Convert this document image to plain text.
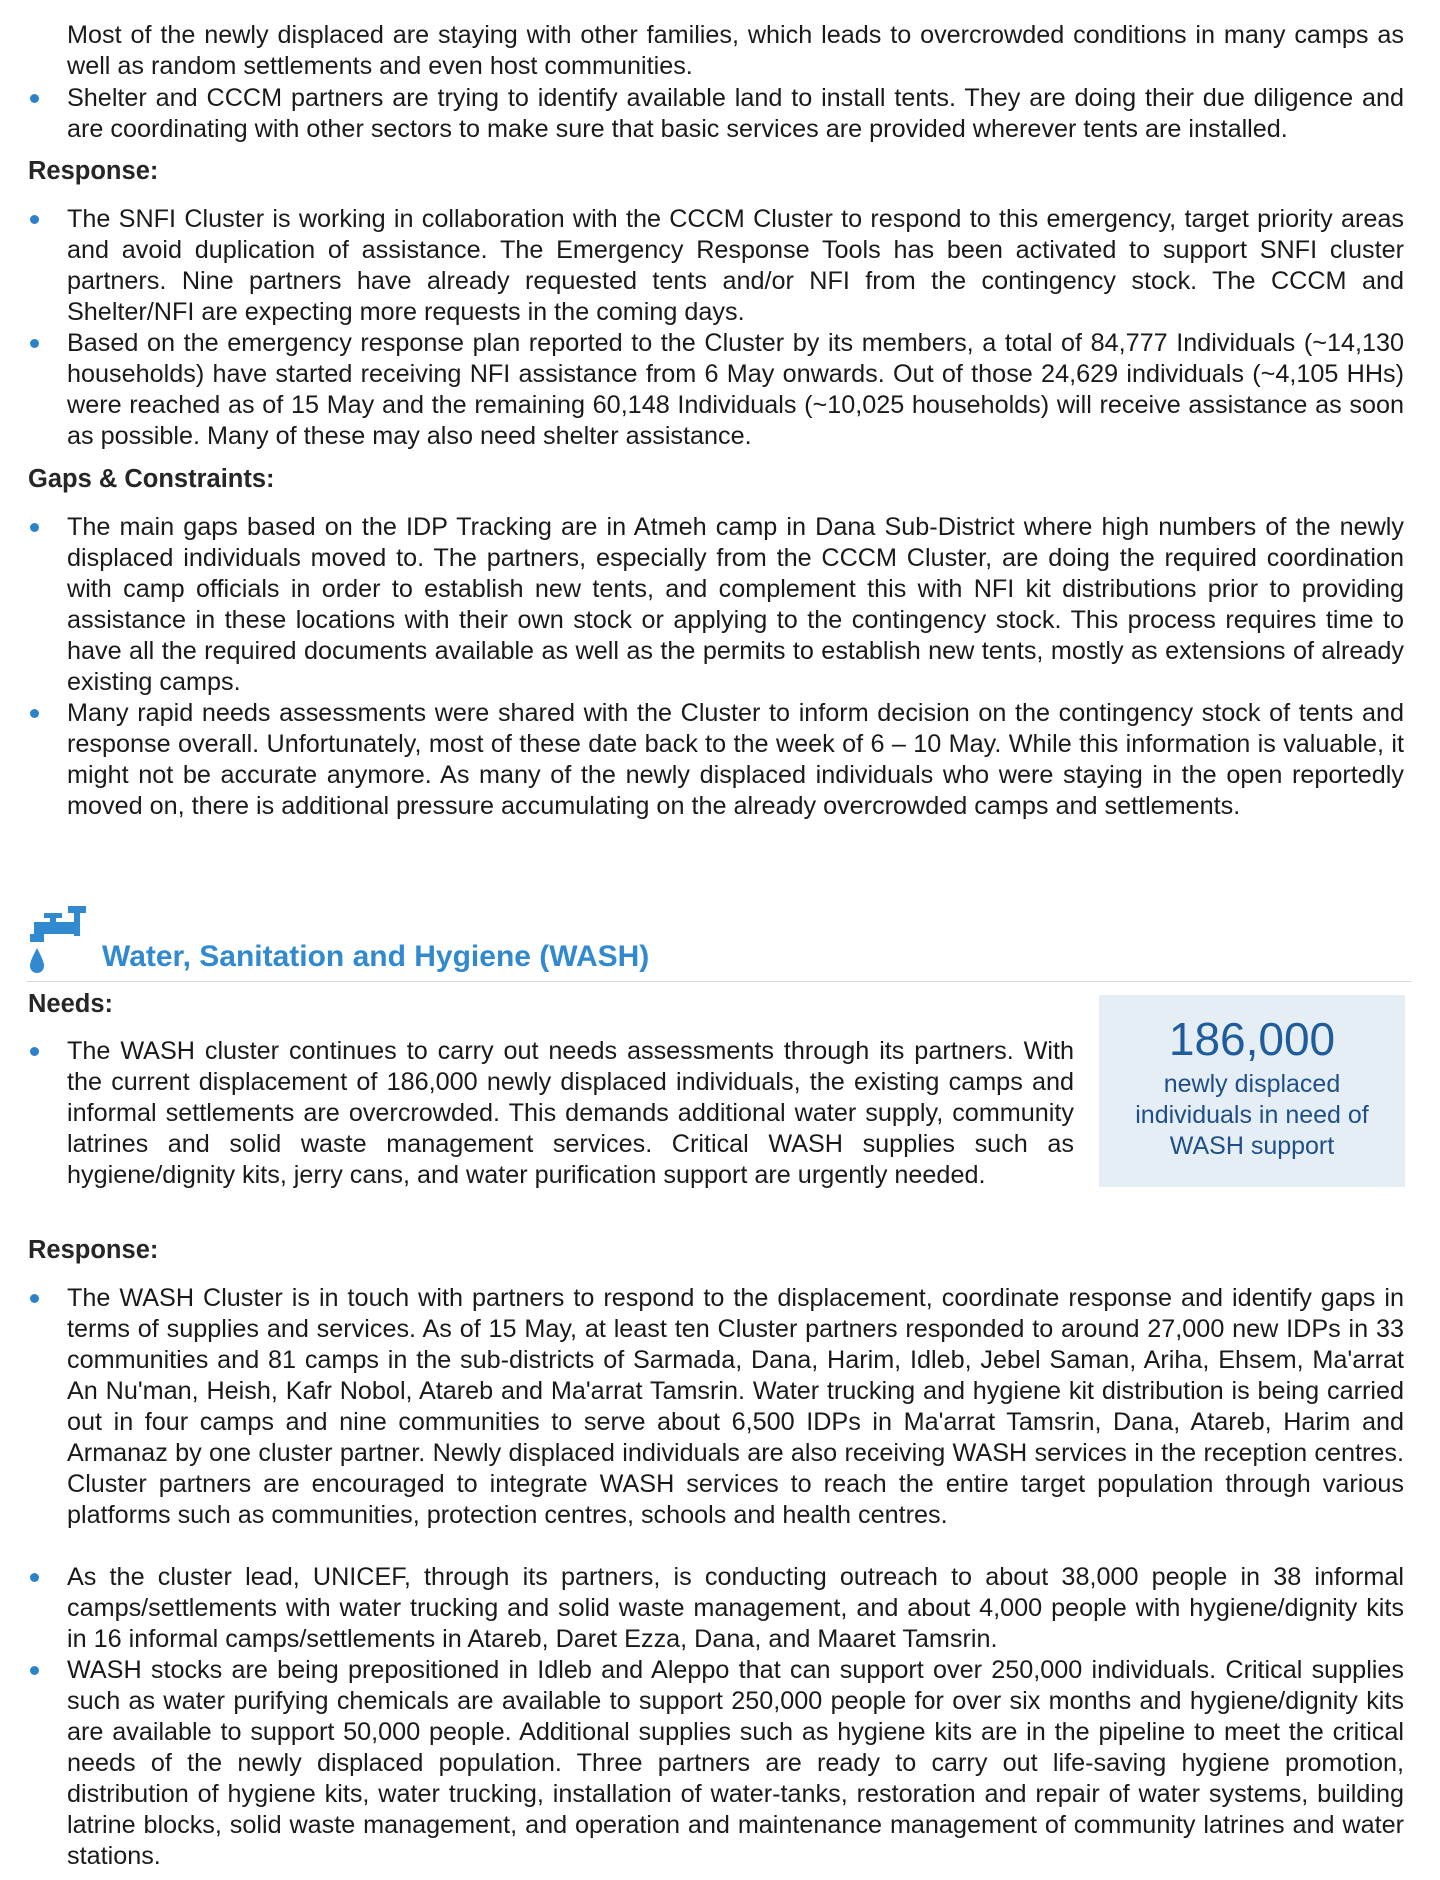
Most of the newly displaced are staying with other families, which leads to overcrowded conditions in many camps as well as random settlements and even host communities.

Shelter and CCCM partners are trying to identify available land to install tents. They are doing their due diligence and are coordinating with other sectors to make sure that basic services are provided wherever tents are installed.

Response:

The SNFI Cluster is working in collaboration with the CCCM Cluster to respond to this emergency, target priority areas and avoid duplication of assistance. The Emergency Response Tools has been activated to support SNFI cluster partners. Nine partners have already requested tents and/or NFI from the contingency stock. The CCCM and Shelter/NFI are expecting more requests in the coming days.

Based on the emergency response plan reported to the Cluster by its members, a total of 84,777 Individuals (~14,130 households) have started receiving NFI assistance from 6 May onwards. Out of those 24,629 individuals (~4,105 HHs) were reached as of 15 May and the remaining 60,148 Individuals (~10,025 households) will receive assistance as soon as possible. Many of these may also need shelter assistance.

Gaps & Constraints:

The main gaps based on the IDP Tracking are in Atmeh camp in Dana Sub-District where high numbers of the newly displaced individuals moved to. The partners, especially from the CCCM Cluster, are doing the required coordination with camp officials in order to establish new tents, and complement this with NFI kit distributions prior to providing assistance in these locations with their own stock or applying to the contingency stock. This process requires time to have all the required documents available as well as the permits to establish new tents, mostly as extensions of already existing camps.

Many rapid needs assessments were shared with the Cluster to inform decision on the contingency stock of tents and response overall. Unfortunately, most of these date back to the week of 6 – 10 May. While this information is valuable, it might not be accurate anymore. As many of the newly displaced individuals who were staying in the open reportedly moved on, there is additional pressure accumulating on the already overcrowded camps and settlements.

Water, Sanitation and Hygiene (WASH)
Needs:

The WASH cluster continues to carry out needs assessments through its partners. With the current displacement of 186,000 newly displaced individuals, the existing camps and informal settlements are overcrowded. This demands additional water supply, community latrines and solid waste management services. Critical WASH supplies such as hygiene/dignity kits, jerry cans, and water purification support are urgently needed.

186,000
newly displaced individuals in need of WASH support
Response:

The WASH Cluster is in touch with partners to respond to the displacement, coordinate response and identify gaps in terms of supplies and services. As of 15 May, at least ten Cluster partners responded to around 27,000 new IDPs in 33 communities and 81 camps in the sub-districts of Sarmada, Dana, Harim, Idleb, Jebel Saman, Ariha, Ehsem, Ma'arrat An Nu'man, Heish, Kafr Nobol, Atareb and Ma'arrat Tamsrin. Water trucking and hygiene kit distribution is being carried out in four camps and nine communities to serve about 6,500 IDPs in Ma'arrat Tamsrin, Dana, Atareb, Harim and Armanaz by one cluster partner. Newly displaced individuals are also receiving WASH services in the reception centres. Cluster partners are encouraged to integrate WASH services to reach the entire target population through various platforms such as communities, protection centres, schools and health centres.

As the cluster lead, UNICEF, through its partners, is conducting outreach to about 38,000 people in 38 informal camps/settlements with water trucking and solid waste management, and about 4,000 people with hygiene/dignity kits in 16 informal camps/settlements in Atareb, Daret Ezza, Dana, and Maaret Tamsrin.

WASH stocks are being prepositioned in Idleb and Aleppo that can support over 250,000 individuals. Critical supplies such as water purifying chemicals are available to support 250,000 people for over six months and hygiene/dignity kits are available to support 50,000 people. Additional supplies such as hygiene kits are in the pipeline to meet the critical needs of the newly displaced population. Three partners are ready to carry out life-saving hygiene promotion, distribution of hygiene kits, water trucking, installation of water-tanks, restoration and repair of water systems, building latrine blocks, solid waste management, and operation and maintenance management of community latrines and water stations.
